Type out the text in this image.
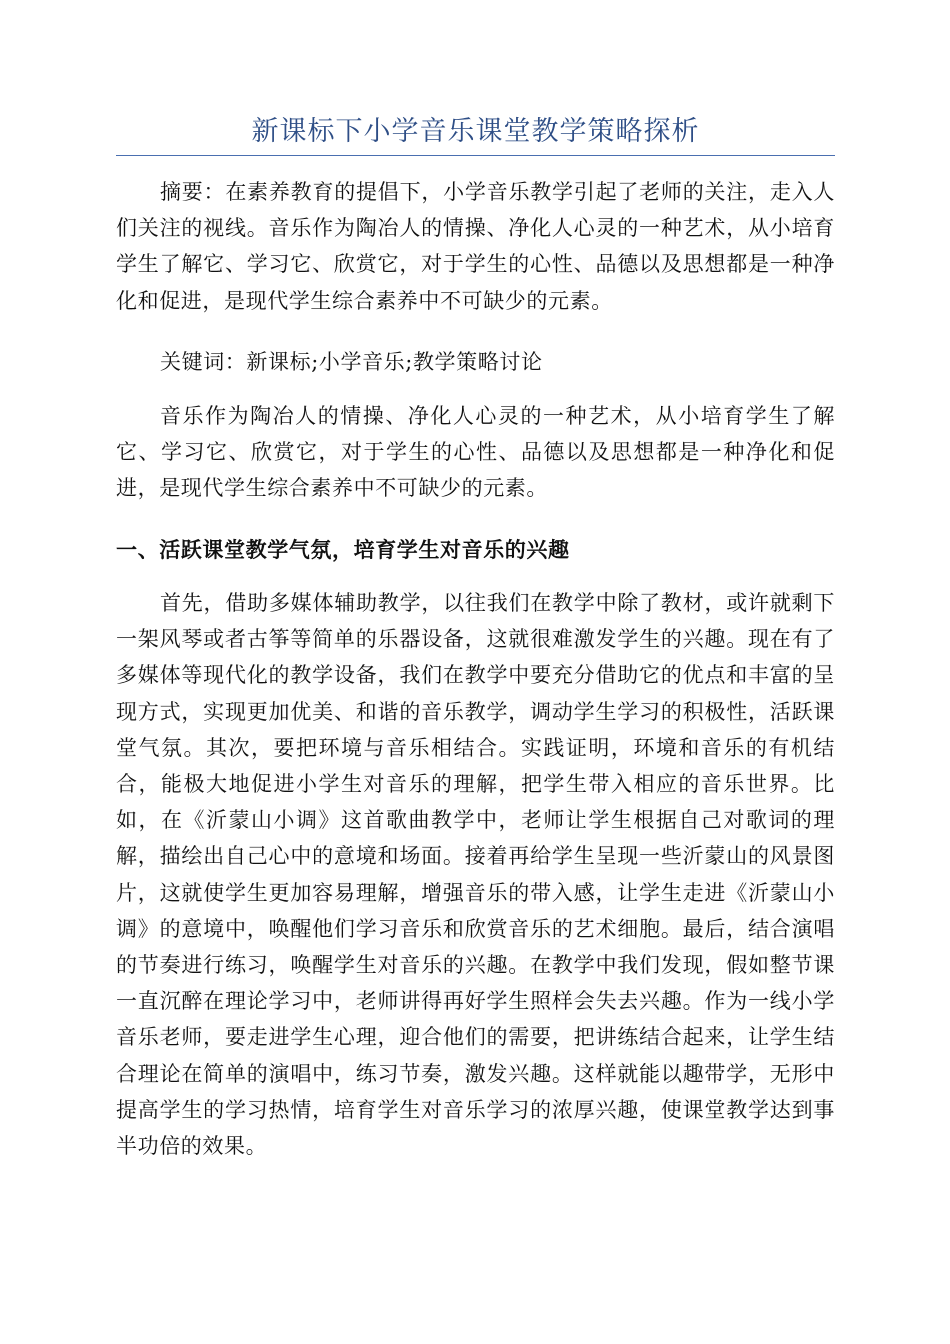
新课标下小学音乐课堂教学策略探析

摘要：在素养教育的提倡下，小学音乐教学引起了老师的关注，走入人们关注的视线。音乐作为陶冶人的情操、净化人心灵的一种艺术，从小培育学生了解它、学习它、欣赏它，对于学生的心性、品德以及思想都是一种净化和促进，是现代学生综合素养中不可缺少的元素。

关键词：新课标;小学音乐;教学策略讨论

音乐作为陶冶人的情操、净化人心灵的一种艺术，从小培育学生了解它、学习它、欣赏它，对于学生的心性、品德以及思想都是一种净化和促进，是现代学生综合素养中不可缺少的元素。

一、活跃课堂教学气氛，培育学生对音乐的兴趣

首先，借助多媒体辅助教学，以往我们在教学中除了教材，或许就剩下一架风琴或者古筝等简单的乐器设备，这就很难激发学生的兴趣。现在有了多媒体等现代化的教学设备，我们在教学中要充分借助它的优点和丰富的呈现方式，实现更加优美、和谐的音乐教学，调动学生学习的积极性，活跃课堂气氛。其次，要把环境与音乐相结合。实践证明，环境和音乐的有机结合，能极大地促进小学生对音乐的理解，把学生带入相应的音乐世界。比如，在《沂蒙山小调》这首歌曲教学中，老师让学生根据自己对歌词的理解，描绘出自己心中的意境和场面。接着再给学生呈现一些沂蒙山的风景图片，这就使学生更加容易理解，增强音乐的带入感，让学生走进《沂蒙山小调》的意境中，唤醒他们学习音乐和欣赏音乐的艺术细胞。最后，结合演唱的节奏进行练习，唤醒学生对音乐的兴趣。在教学中我们发现，假如整节课一直沉醉在理论学习中，老师讲得再好学生照样会失去兴趣。作为一线小学音乐老师，要走进学生心理，迎合他们的需要，把讲练结合起来，让学生结合理论在简单的演唱中，练习节奏，激发兴趣。这样就能以趣带学，无形中提高学生的学习热情，培育学生对音乐学习的浓厚兴趣，使课堂教学达到事半功倍的效果。
